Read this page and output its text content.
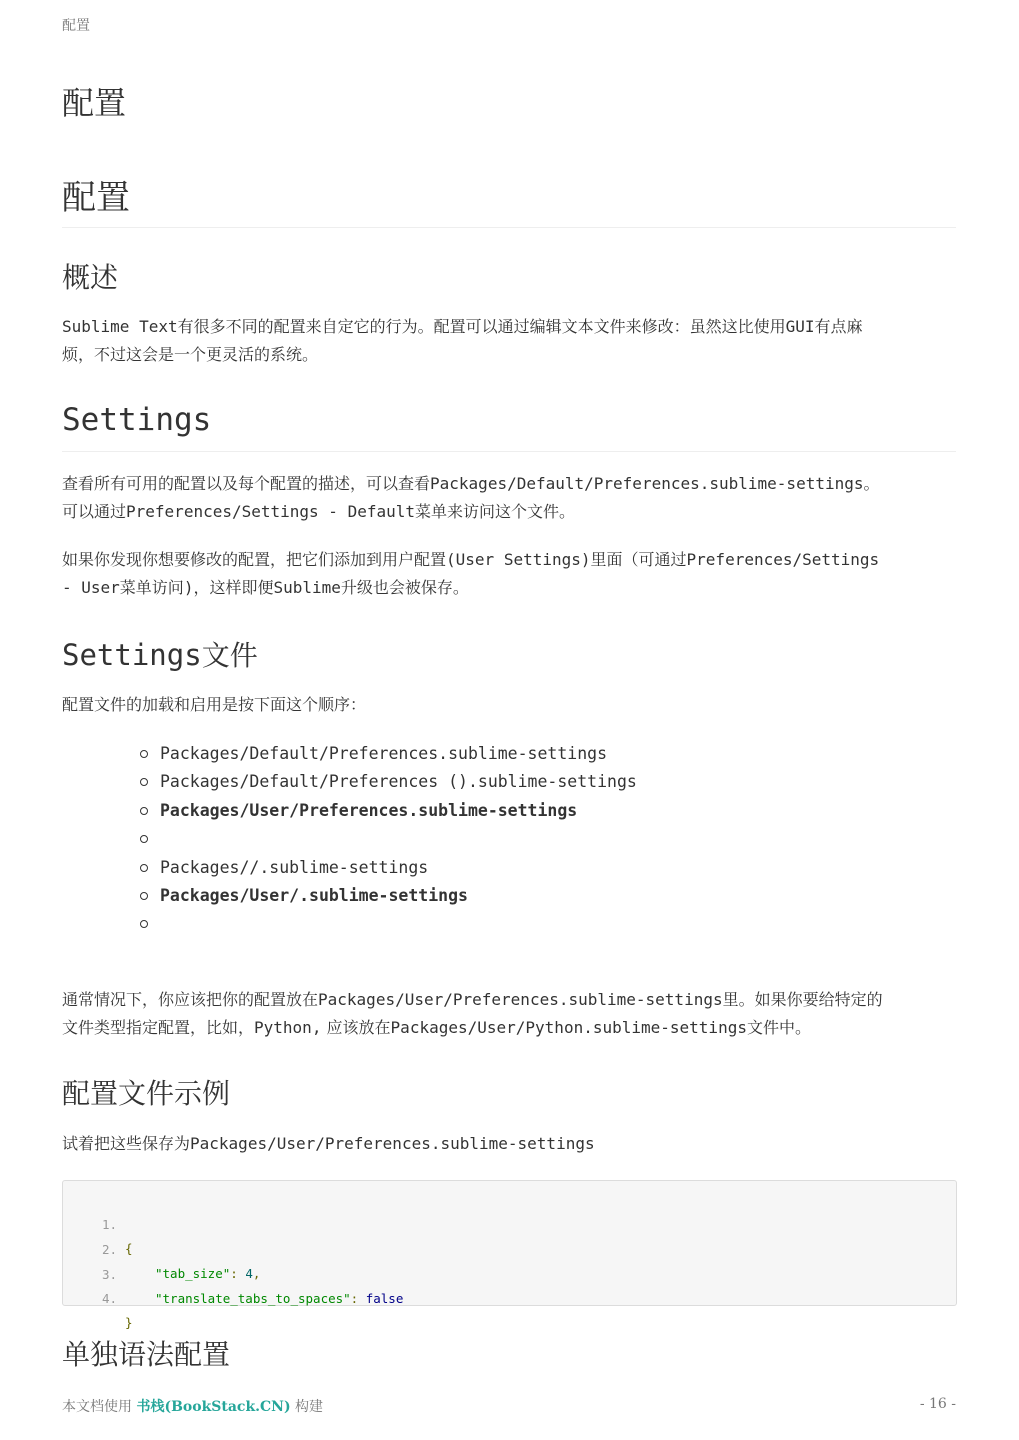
配置
配置
配置
概述

Sublime Text有很多不同的配置来自定它的行为。配置可以通过编辑文本文件来修改：虽然这比使用GUI有点麻
烦，不过这会是一个更灵活的系统。

Settings

查看所有可用的配置以及每个配置的描述，可以查看Packages/Default/Preferences.sublime-settings。
可以通过Preferences/Settings - Default菜单来访问这个文件。

如果你发现你想要修改的配置，把它们添加到用户配置(User Settings)里面（可通过Preferences/Settings
- User菜单访问)，这样即便Sublime升级也会被保存。

Settings文件

配置文件的加载和启用是按下面这个顺序：

Packages/Default/Preferences.sublime-settings
Packages/Default/Preferences ().sublime-settings
Packages/User/Preferences.sublime-settings
Packages//.sublime-settings
Packages/User/.sublime-settings

通常情况下，你应该把你的配置放在Packages/User/Preferences.sublime-settings里。如果你要给特定的
文件类型指定配置，比如，Python, 应该放在Packages/User/Python.sublime-settings文件中。

配置文件示例

试着把这些保存为Packages/User/Preferences.sublime-settings

1.

{

2.

"tab_size": 4,

3.

"translate_tabs_to_spaces": false

4.

}

单独语法配置
本文档使用 书栈(BookStack.CN) 构建	- 16 -
